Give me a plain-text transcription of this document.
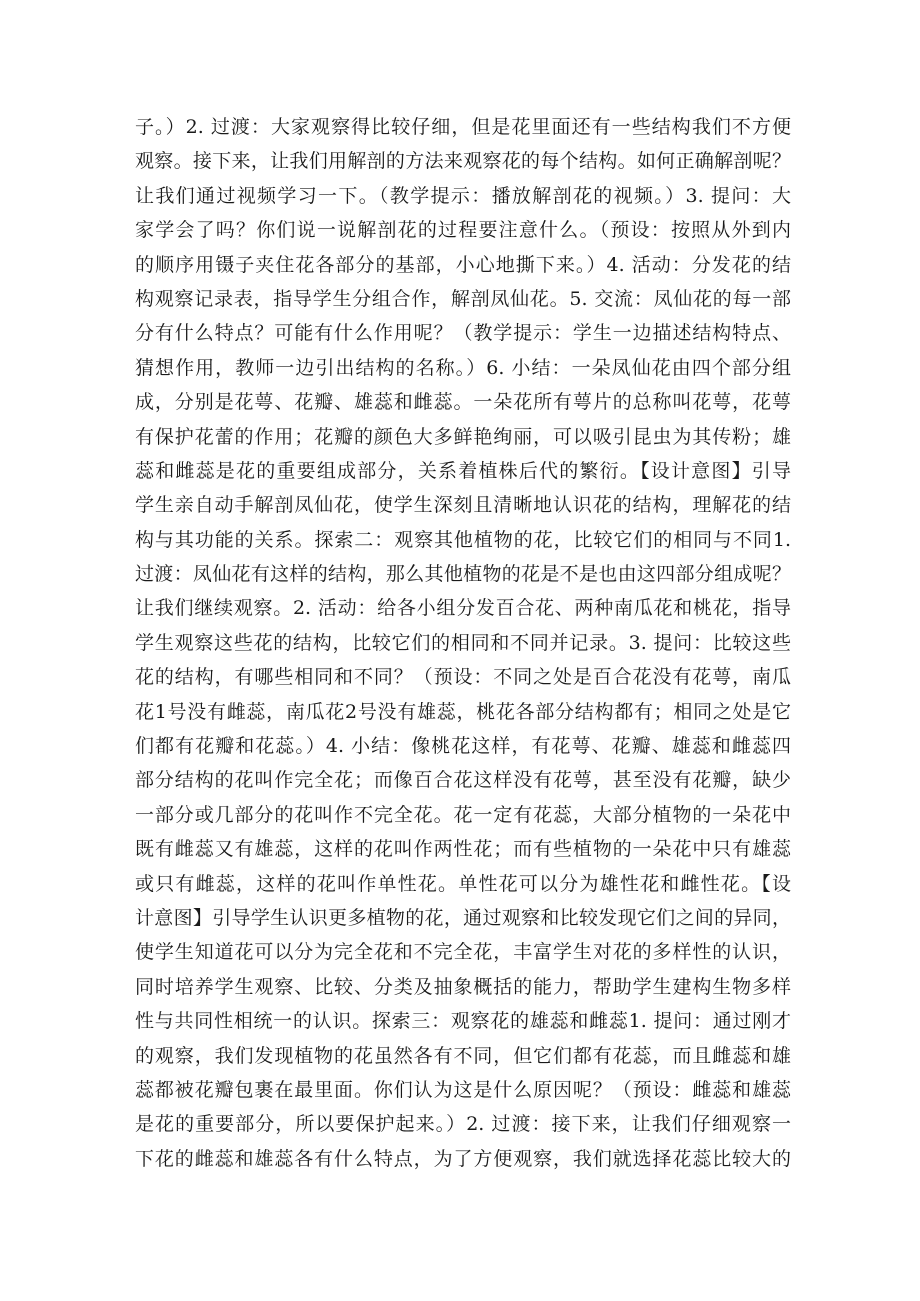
子。）2. 过渡：大家观察得比较仔细，但是花里面还有一些结构我们不方便
观察。接下来，让我们用解剖的方法来观察花的每个结构。如何正确解剖呢？
让我们通过视频学习一下。（教学提示：播放解剖花的视频。）3. 提问：大
家学会了吗？你们说一说解剖花的过程要注意什么。（预设：按照从外到内
的顺序用镊子夹住花各部分的基部，小心地撕下来。）4. 活动：分发花的结
构观察记录表，指导学生分组合作，解剖凤仙花。5. 交流：凤仙花的每一部
分有什么特点？可能有什么作用呢？（教学提示：学生一边描述结构特点、
猜想作用，教师一边引出结构的名称。）6. 小结：一朵凤仙花由四个部分组
成，分别是花萼、花瓣、雄蕊和雌蕊。一朵花所有萼片的总称叫花萼，花萼
有保护花蕾的作用；花瓣的颜色大多鲜艳绚丽，可以吸引昆虫为其传粉；雄
蕊和雌蕊是花的重要组成部分，关系着植株后代的繁衍。【设计意图】引导
学生亲自动手解剖凤仙花，使学生深刻且清晰地认识花的结构，理解花的结
构与其功能的关系。探索二：观察其他植物的花，比较它们的相同与不同1.
过渡：凤仙花有这样的结构，那么其他植物的花是不是也由这四部分组成呢？
让我们继续观察。2. 活动：给各小组分发百合花、两种南瓜花和桃花，指导
学生观察这些花的结构，比较它们的相同和不同并记录。3. 提问：比较这些
花的结构，有哪些相同和不同？（预设：不同之处是百合花没有花萼，南瓜
花1号没有雌蕊，南瓜花2号没有雄蕊，桃花各部分结构都有；相同之处是它
们都有花瓣和花蕊。）4. 小结：像桃花这样，有花萼、花瓣、雄蕊和雌蕊四
部分结构的花叫作完全花；而像百合花这样没有花萼，甚至没有花瓣，缺少
一部分或几部分的花叫作不完全花。花一定有花蕊，大部分植物的一朵花中
既有雌蕊又有雄蕊，这样的花叫作两性花；而有些植物的一朵花中只有雄蕊
或只有雌蕊，这样的花叫作单性花。单性花可以分为雄性花和雌性花。【设
计意图】引导学生认识更多植物的花，通过观察和比较发现它们之间的异同，
使学生知道花可以分为完全花和不完全花，丰富学生对花的多样性的认识，
同时培养学生观察、比较、分类及抽象概括的能力，帮助学生建构生物多样
性与共同性相统一的认识。探索三：观察花的雄蕊和雌蕊1. 提问：通过刚才
的观察，我们发现植物的花虽然各有不同，但它们都有花蕊，而且雌蕊和雄
蕊都被花瓣包裹在最里面。你们认为这是什么原因呢？（预设：雌蕊和雄蕊
是花的重要部分，所以要保护起来。）2. 过渡：接下来，让我们仔细观察一
下花的雌蕊和雄蕊各有什么特点，为了方便观察，我们就选择花蕊比较大的
